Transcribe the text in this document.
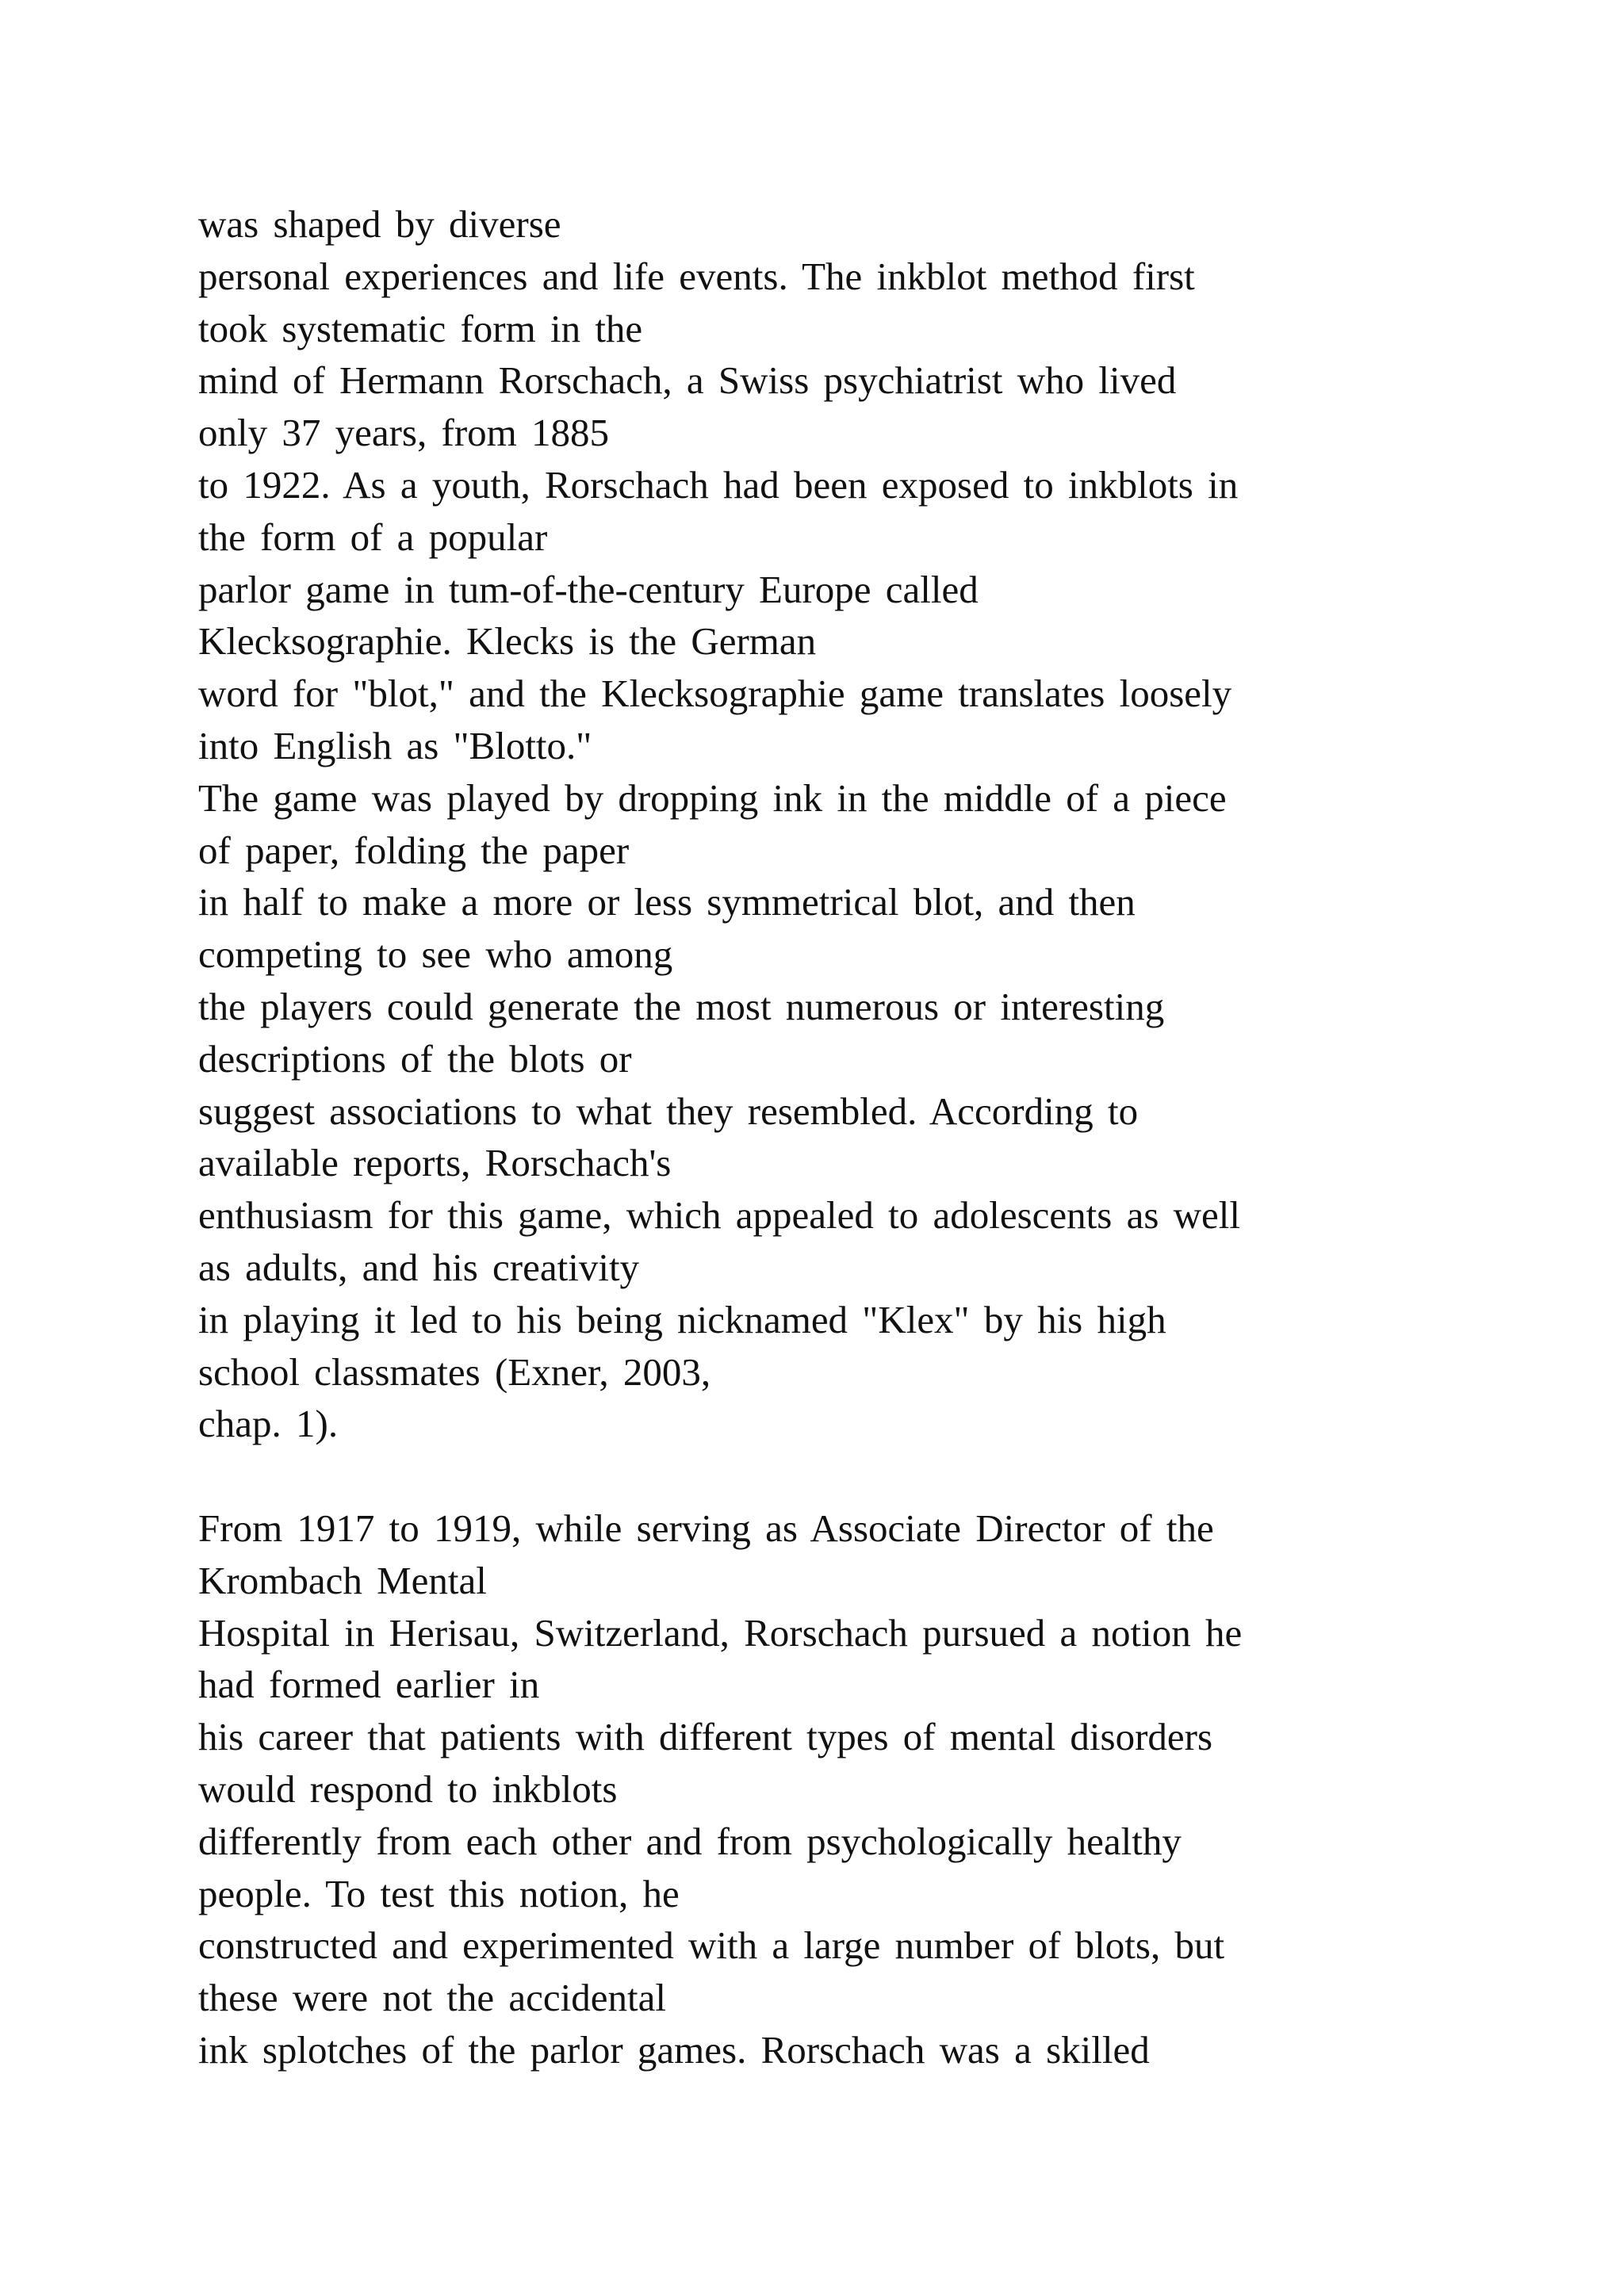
was shaped by diverse
personal experiences and life events. The inkblot method first
took systematic form in the
mind of Hermann Rorschach, a Swiss psychiatrist who lived
only 37 years, from 1885
to 1922. As a youth, Rorschach had been exposed to inkblots in
the form of a popular
parlor game in tum-of-the-century Europe called
Klecksographie. Klecks is the German
word for "blot," and the Klecksographie game translates loosely
into English as "Blotto."
The game was played by dropping ink in the middle of a piece
of paper, folding the paper
in half to make a more or less symmetrical blot, and then
competing to see who among
the players could generate the most numerous or interesting
descriptions of the blots or
suggest associations to what they resembled. According to
available reports, Rorschach's
enthusiasm for this game, which appealed to adolescents as well
as adults, and his creativity
in playing it led to his being nicknamed "Klex" by his high
school classmates (Exner, 2003,
chap. 1).
From 1917 to 1919, while serving as Associate Director of the
Krombach Mental
Hospital in Herisau, Switzerland, Rorschach pursued a notion he
had formed earlier in
his career that patients with different types of mental disorders
would respond to inkblots
differently from each other and from psychologically healthy
people. To test this notion, he
constructed and experimented with a large number of blots, but
these were not the accidental
ink splotches of the parlor games. Rorschach was a skilled
